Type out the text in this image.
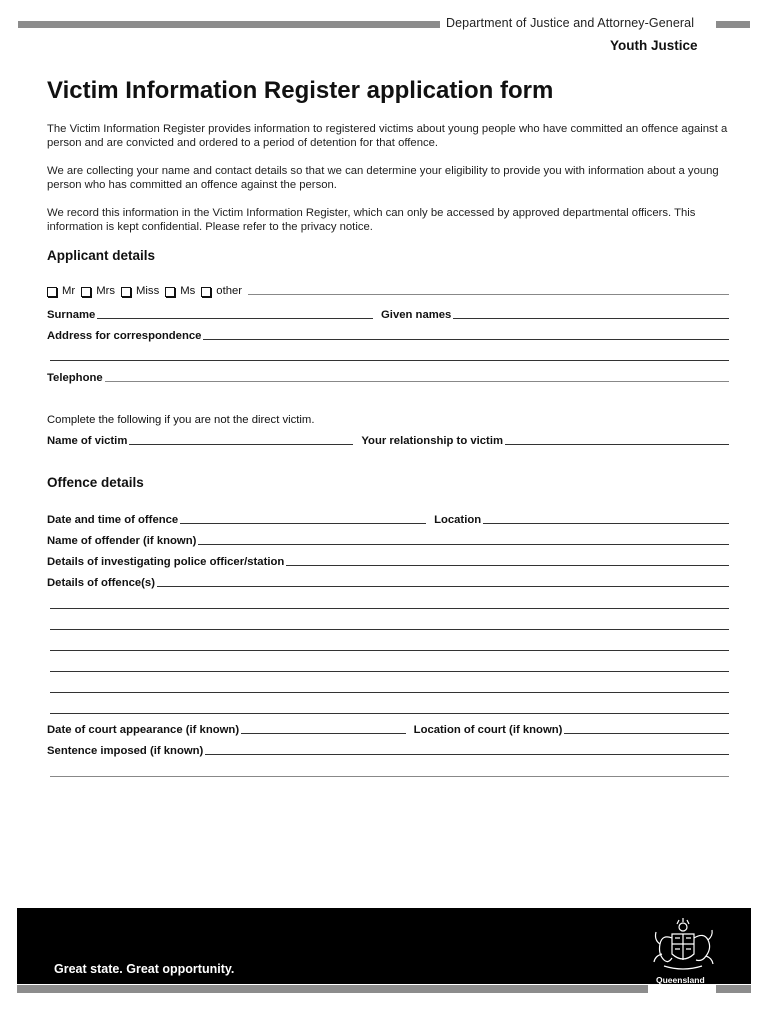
Department of Justice and Attorney-General
Youth Justice
Victim Information Register application form

The Victim Information Register provides information to registered victims about young people who have committed an offence against a person and are convicted and ordered to a period of detention for that offence.

We are collecting your name and contact details so that we can determine your eligibility to provide you with information about a young person who has committed an offence against the person.

We record this information in the Victim Information Register, which can only be accessed by approved departmental officers. This information is kept confidential. Please refer to the privacy notice.

Applicant details
Mr Mrs Miss Ms other
Surname	Given names
Address for correspondence
Telephone
Complete the following if you are not the direct victim.
Name of victim	Your relationship to victim
Offence details
Date and time of offence	Location
Name of offender (if known)
Details of investigating police officer/station
Details of offence(s)
Date of court appearance (if known)	Location of court (if known)
Sentence imposed (if known)
Great state. Great opportunity.
Queensland
Government
